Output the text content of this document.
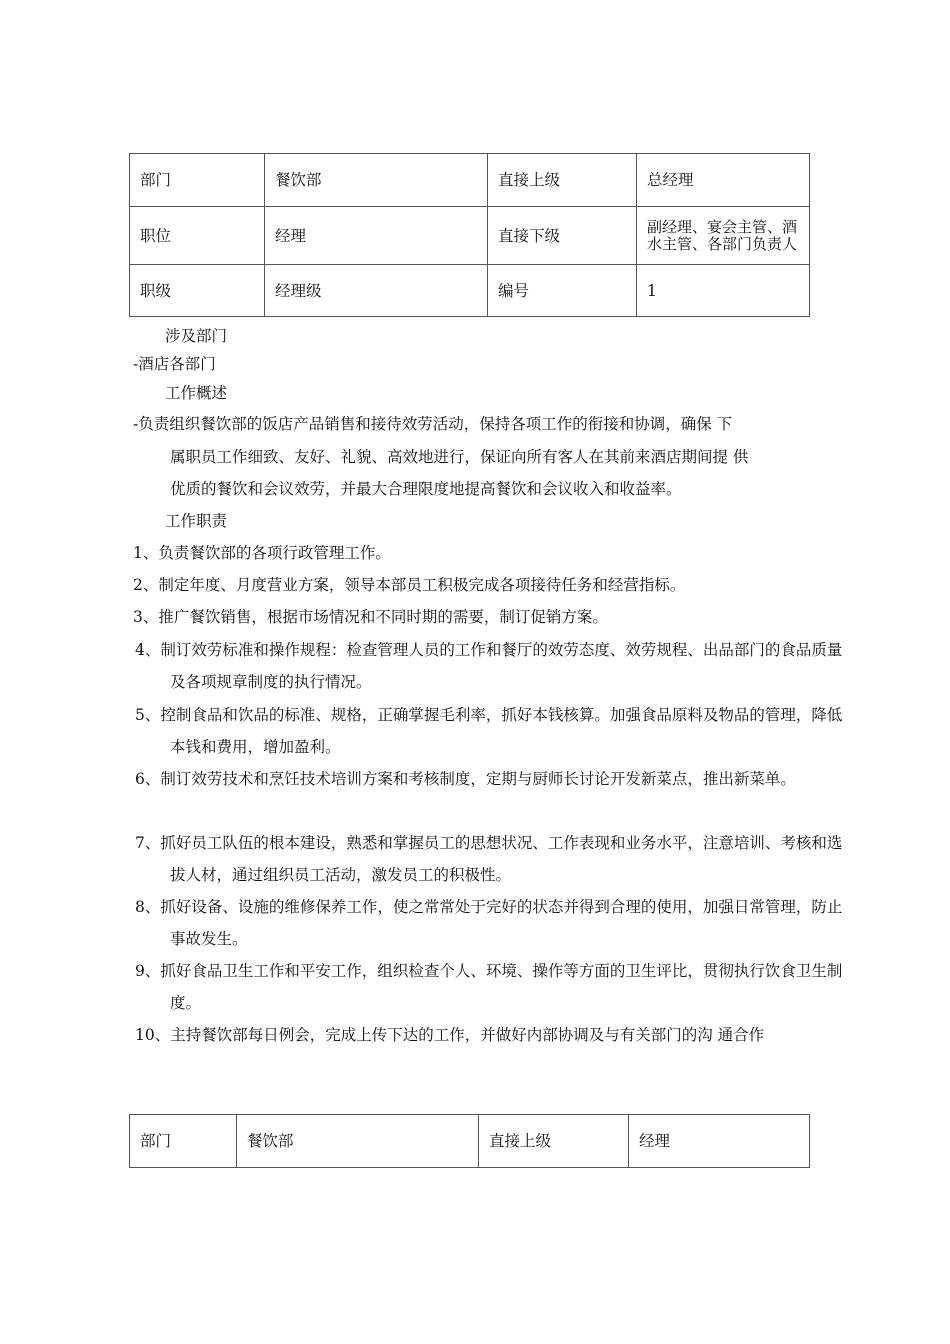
部门	餐饮部	直接上级	总经理
职位	经理	直接下级	副经理、宴会主管、酒水主管、各部门负责人
职级	经理级	编号	1
涉及部门
-酒店各部门
工作概述
-负责组织餐饮部的饭店产品销售和接待效劳活动，保持各项工作的衔接和协调，确保 下
属职员工作细致、友好、礼貌、高效地进行，保证向所有客人在其前来酒店期间提 供
优质的餐饮和会议效劳，并最大合理限度地提高餐饮和会议收入和收益率。
工作职责
1、负责餐饮部的各项行政管理工作。
2、制定年度、月度营业方案，领导本部员工积极完成各项接待任务和经营指标。
3、推广餐饮销售，根据市场情况和不同时期的需要，制订促销方案。
4、制订效劳标准和操作规程：检查管理人员的工作和餐厅的效劳态度、效劳规程、出品部门的食品质量及各项规章制度的执行情况。
5、控制食品和饮品的标准、规格，正确掌握毛利率，抓好本钱核算。加强食品原料及物品的管理，降低本钱和费用，增加盈利。
6、制订效劳技术和烹饪技术培训方案和考核制度，定期与厨师长讨论开发新菜点，推出新菜单。
7、抓好员工队伍的根本建设，熟悉和掌握员工的思想状况、工作表现和业务水平，注意培训、考核和选拔人材，通过组织员工活动，激发员工的积极性。
8、抓好设备、设施的维修保养工作，使之常常处于完好的状态并得到合理的使用，加强日常管理，防止事故发生。
9、抓好食品卫生工作和平安工作，组织检查个人、环境、操作等方面的卫生评比，贯彻执行饮食卫生制度。
10、主持餐饮部每日例会，完成上传下达的工作，并做好内部协调及与有关部门的沟 通合作
部门	餐饮部	直接上级	经理
